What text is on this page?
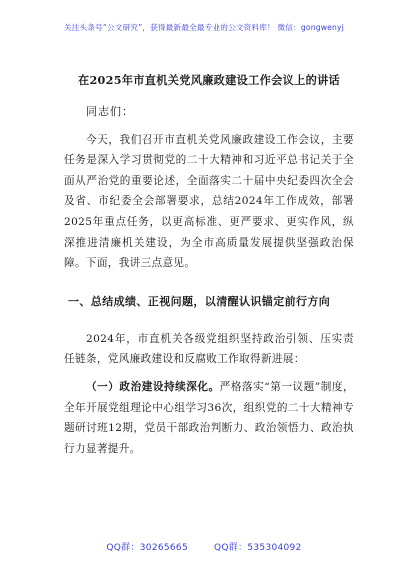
关注头条号“公文研究”，获得最新最全最专业的公文资料库！ 微信：gongwenyj
在2025年市直机关党风廉政建设工作会议上的讲话
同志们：

今天，我们召开市直机关党风廉政建设工作会议，主要任务是深入学习贯彻党的二十大精神和习近平总书记关于全面从严治党的重要论述，全面落实二十届中央纪委四次全会及省、市纪委全会部署要求，总结2024年工作成效，部署2025年重点任务，以更高标准、更严要求、更实作风，纵深推进清廉机关建设，为全市高质量发展提供坚强政治保障。下面，我讲三点意见。

一、总结成绩、正视问题，以清醒认识锚定前行方向

2024年，市直机关各级党组织坚持政治引领、压实责任链条，党风廉政建设和反腐败工作取得新进展：

（一）政治建设持续深化。严格落实“第一议题”制度，全年开展党组理论中心组学习36次，组织党的二十大精神专题研讨班12期，党员干部政治判断力、政治领悟力、政治执行力显著提升。

QQ群：30265665	QQ群：535304092
